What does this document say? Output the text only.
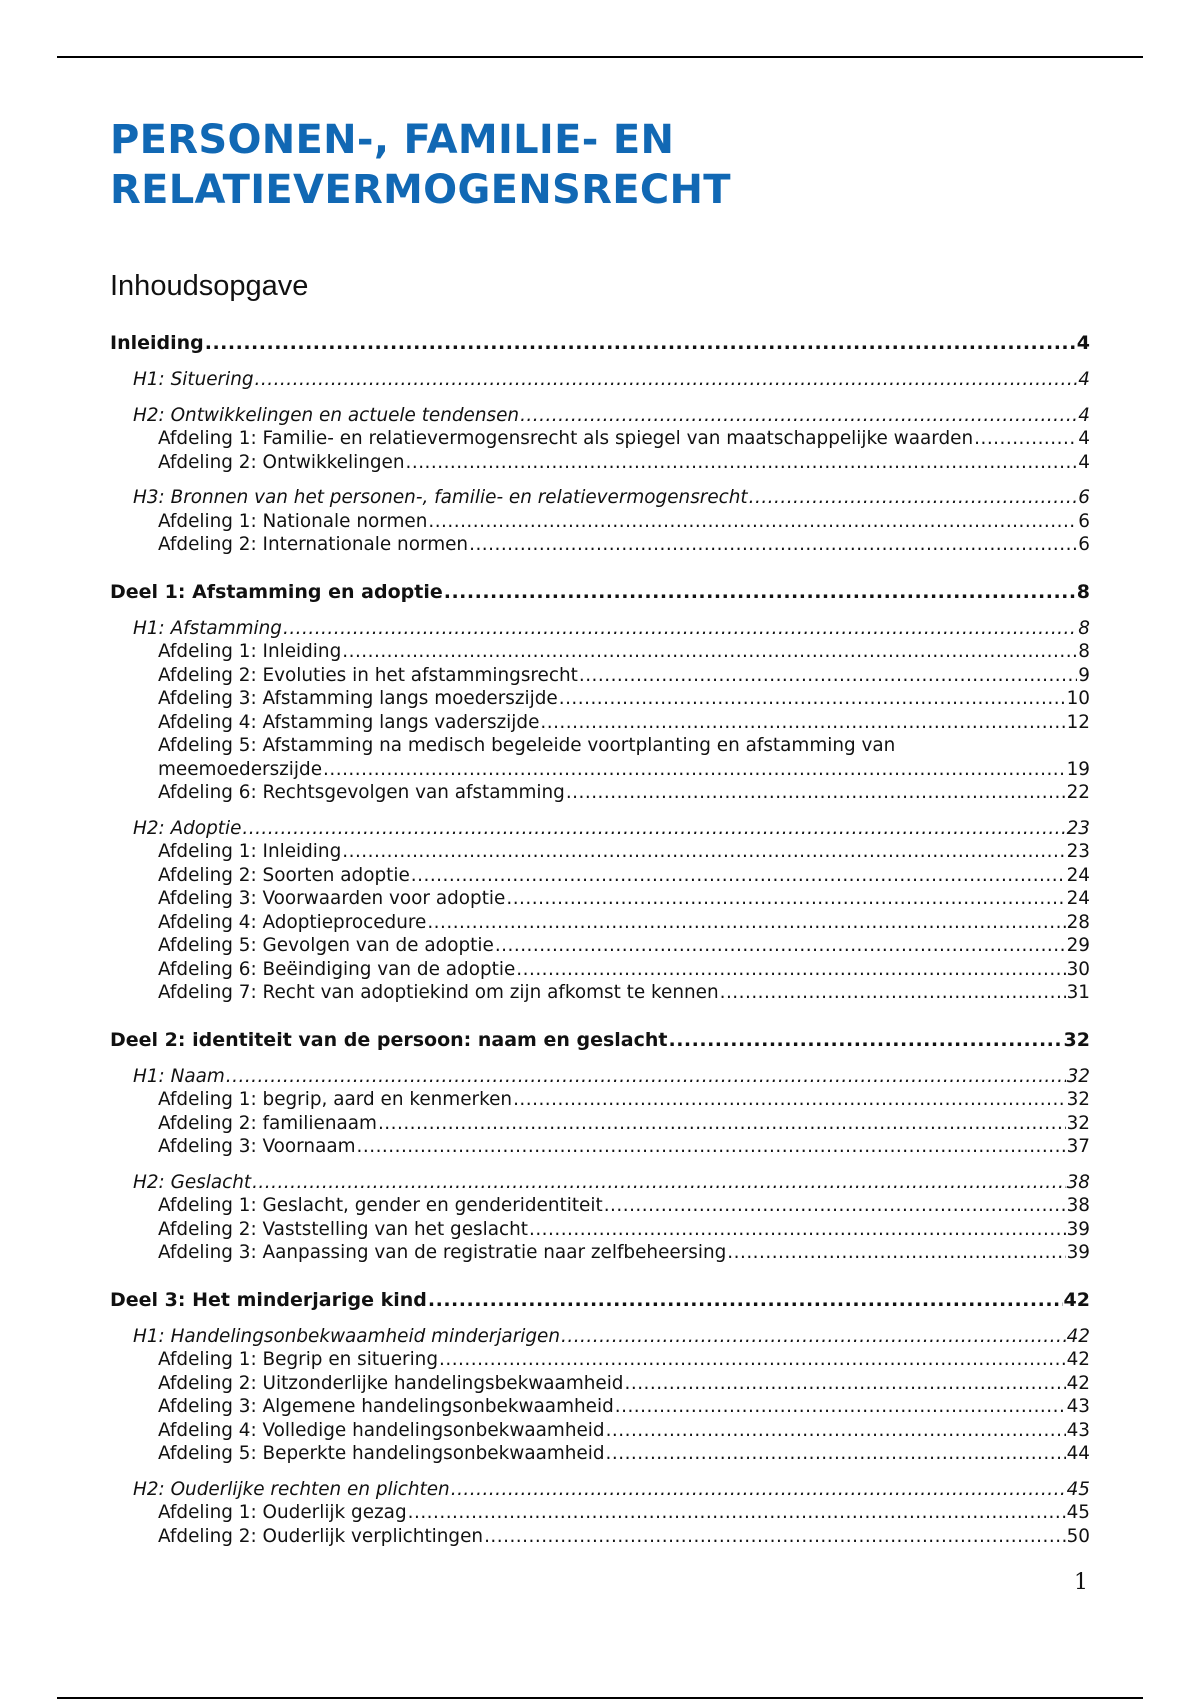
PERSONEN-, FAMILIE- EN
RELATIEVERMOGENSRECHT
Inhoudsopgave
Inleiding .....	4
H1: Situering .....	4
H2: Ontwikkelingen en actuele tendensen .....	4
Afdeling 1: Familie- en relatievermogensrecht als spiegel van maatschappelijke waarden .....	4
Afdeling 2: Ontwikkelingen .....	4
H3: Bronnen van het personen-, familie- en relatievermogensrecht .....	6
Afdeling 1: Nationale normen .....	6
Afdeling 2: Internationale normen .....	6
Deel 1: Afstamming en adoptie .....	8
H1: Afstamming .....	8
Afdeling 1: Inleiding .....	8
Afdeling 2: Evoluties in het afstammingsrecht .....	9
Afdeling 3: Afstamming langs moederszijde .....	10
Afdeling 4: Afstamming langs vaderszijde .....	12
Afdeling 5: Afstamming na medisch begeleide voortplanting en afstamming van
meemoederszijde .....	19
Afdeling 6: Rechtsgevolgen van afstamming .....	22
H2: Adoptie .....	23
Afdeling 1: Inleiding .....	23
Afdeling 2: Soorten adoptie .....	24
Afdeling 3: Voorwaarden voor adoptie .....	24
Afdeling 4: Adoptieprocedure .....	28
Afdeling 5: Gevolgen van de adoptie .....	29
Afdeling 6: Beëindiging van de adoptie .....	30
Afdeling 7: Recht van adoptiekind om zijn afkomst te kennen .....	31
Deel 2: identiteit van de persoon: naam en geslacht .....	32
H1: Naam .....	32
Afdeling 1: begrip, aard en kenmerken .....	32
Afdeling 2: familienaam .....	32
Afdeling 3: Voornaam .....	37
H2: Geslacht .....	38
Afdeling 1: Geslacht, gender en genderidentiteit .....	38
Afdeling 2: Vaststelling van het geslacht .....	39
Afdeling 3: Aanpassing van de registratie naar zelfbeheersing .....	39
Deel 3: Het minderjarige kind .....	42
H1: Handelingsonbekwaamheid minderjarigen .....	42
Afdeling 1: Begrip en situering .....	42
Afdeling 2: Uitzonderlijke handelingsbekwaamheid .....	42
Afdeling 3: Algemene handelingsonbekwaamheid .....	43
Afdeling 4: Volledige handelingsonbekwaamheid .....	43
Afdeling 5: Beperkte handelingsonbekwaamheid .....	44
H2: Ouderlijke rechten en plichten .....	45
Afdeling 1: Ouderlijk gezag .....	45
Afdeling 2: Ouderlijk verplichtingen .....	50
1
